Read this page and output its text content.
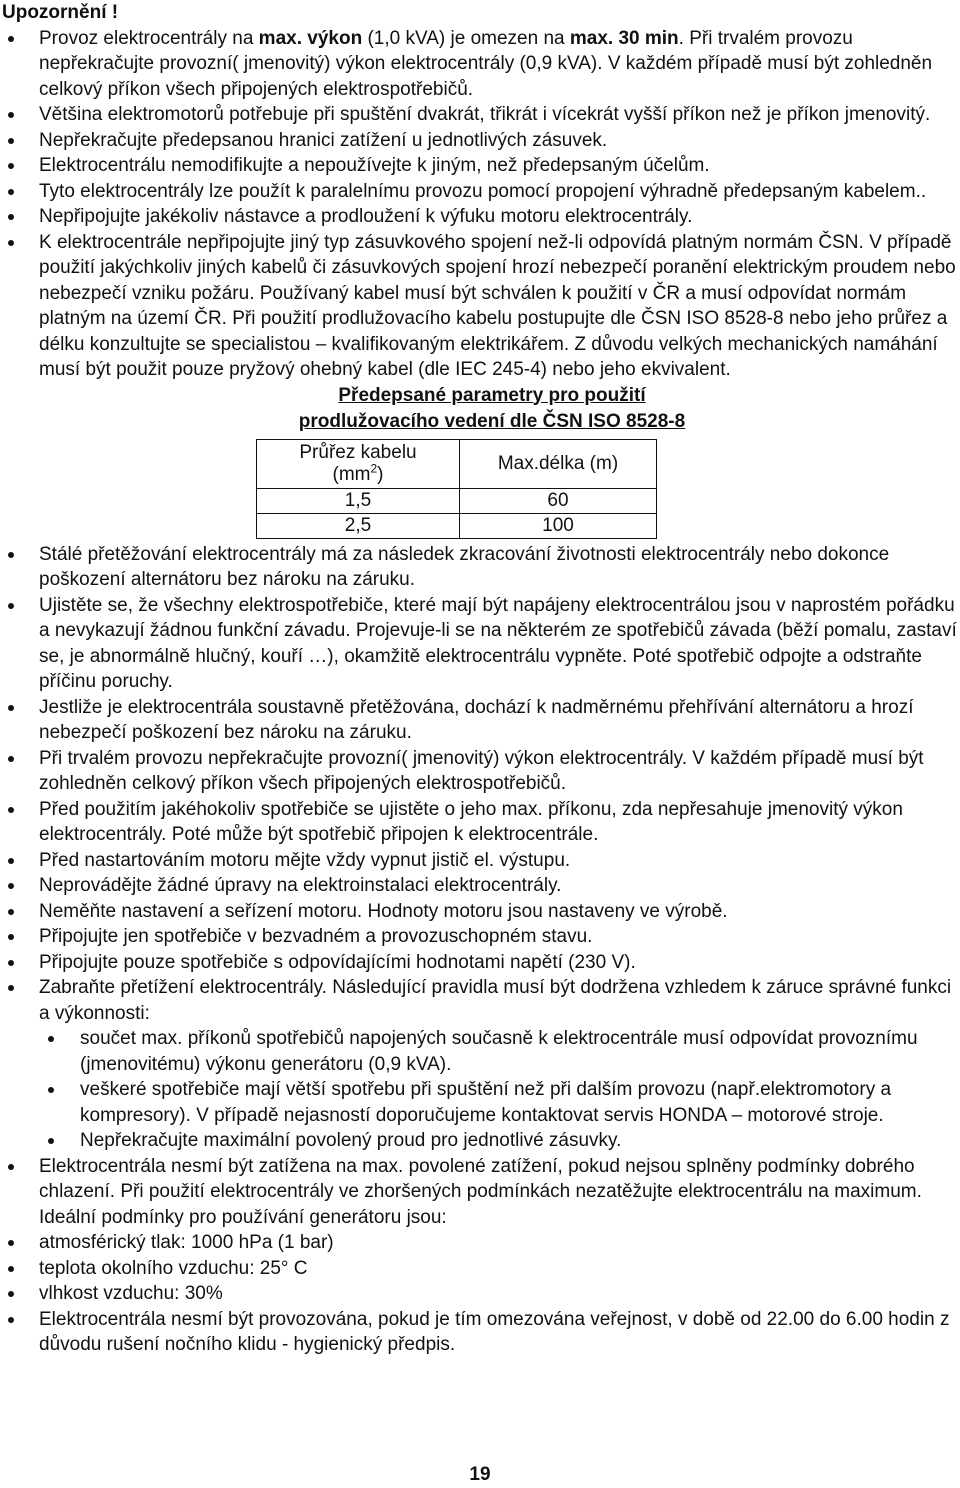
Upozornění !
Provoz elektrocentrály na max. výkon (1,0 kVA) je omezen na max. 30 min. Při trvalém provozu nepřekračujte provozní( jmenovitý) výkon elektrocentrály (0,9 kVA). V každém případě musí být zohledněn celkový příkon všech připojených elektrospotřebičů.
Většina elektromotorů potřebuje při spuštění dvakrát, třikrát i vícekrát vyšší příkon než je příkon jmenovitý.
Nepřekračujte předepsanou hranici zatížení u jednotlivých zásuvek.
Elektrocentrálu nemodifikujte a nepoužívejte k jiným, než předepsaným účelům.
Tyto elektrocentrály lze použít k paralelnímu provozu pomocí propojení výhradně předepsaným kabelem..
Nepřipojujte jakékoliv nástavce a prodloužení k výfuku motoru elektrocentrály.
K elektrocentrále nepřipojujte jiný typ zásuvkového spojení než-li odpovídá platným normám ČSN. V případě použití jakýchkoliv jiných kabelů či zásuvkových spojení hrozí nebezpečí poranění elektrickým proudem nebo nebezpečí vzniku požáru. Používaný kabel musí být schválen k použití v ČR a musí odpovídat normám platným na území ČR. Při použití prodlužovacího kabelu postupujte dle ČSN ISO 8528-8 nebo jeho průřez a délku konzultujte se specialistou – kvalifikovaným elektrikářem. Z důvodu velkých mechanických namáhání musí být použit pouze pryžový ohebný kabel (dle IEC 245-4) nebo jeho ekvivalent.
Předepsané parametry pro použití
prodlužovacího vedení dle ČSN ISO 8528-8
Průřez kabelu
$(mm^2)$	Max.délka (m)
1,5	60
2,5	100
Stálé přetěžování elektrocentrály má za následek zkracování životnosti elektrocentrály nebo dokonce poškození alternátoru bez nároku na záruku.
Ujistěte se, že všechny elektrospotřebiče, které mají být napájeny elektrocentrálou jsou v naprostém pořádku a nevykazují žádnou funkční závadu. Projevuje-li se na některém ze spotřebičů závada (běží pomalu, zastaví se, je abnormálně hlučný, kouří …), okamžitě elektrocentrálu vypněte. Poté spotřebič odpojte a odstraňte příčinu poruchy.
Jestliže je elektrocentrála soustavně přetěžována, dochází k nadměrnému přehřívání alternátoru a hrozí nebezpečí poškození bez nároku na záruku.
Při trvalém provozu nepřekračujte provozní( jmenovitý) výkon elektrocentrály. V každém případě musí být zohledněn celkový příkon všech připojených elektrospotřebičů.
Před použitím jakéhokoliv spotřebiče se ujistěte o jeho max. příkonu, zda nepřesahuje jmenovitý výkon elektrocentrály. Poté může být spotřebič připojen k elektrocentrále.
Před nastartováním motoru mějte vždy vypnut jistič el. výstupu.
Neprovádějte žádné úpravy na elektroinstalaci elektrocentrály.
Neměňte nastavení a seřízení motoru. Hodnoty motoru jsou nastaveny ve výrobě.
Připojujte jen spotřebiče v bezvadném a provozuschopném stavu.
Připojujte pouze spotřebiče s odpovídajícími hodnotami napětí (230 V).
Zabraňte přetížení elektrocentrály. Následující pravidla musí být dodržena vzhledem k záruce správné funkci a výkonnosti:
součet max. příkonů spotřebičů napojených současně k elektrocentrále musí odpovídat provoznímu (jmenovitému) výkonu generátoru (0,9 kVA).
veškeré spotřebiče mají větší spotřebu při spuštění než při dalším provozu (např.elektromotory a kompresory). V případě nejasností doporučujeme kontaktovat servis HONDA – motorové stroje.
Nepřekračujte maximální povolený proud pro jednotlivé zásuvky.
Elektrocentrála nesmí být zatížena na max. povolené zatížení, pokud nejsou splněny podmínky dobrého chlazení. Při použití elektrocentrály ve zhoršených podmínkách nezatěžujte elektrocentrálu na maximum.
Ideální podmínky pro používání generátoru jsou:
atmosférický tlak: 1000 hPa (1 bar)
teplota okolního vzduchu: 25° C
vlhkost vzduchu: 30%
Elektrocentrála nesmí být provozována, pokud je tím omezována veřejnost, v době od 22.00 do 6.00 hodin z důvodu rušení nočního klidu - hygienický předpis.
19
